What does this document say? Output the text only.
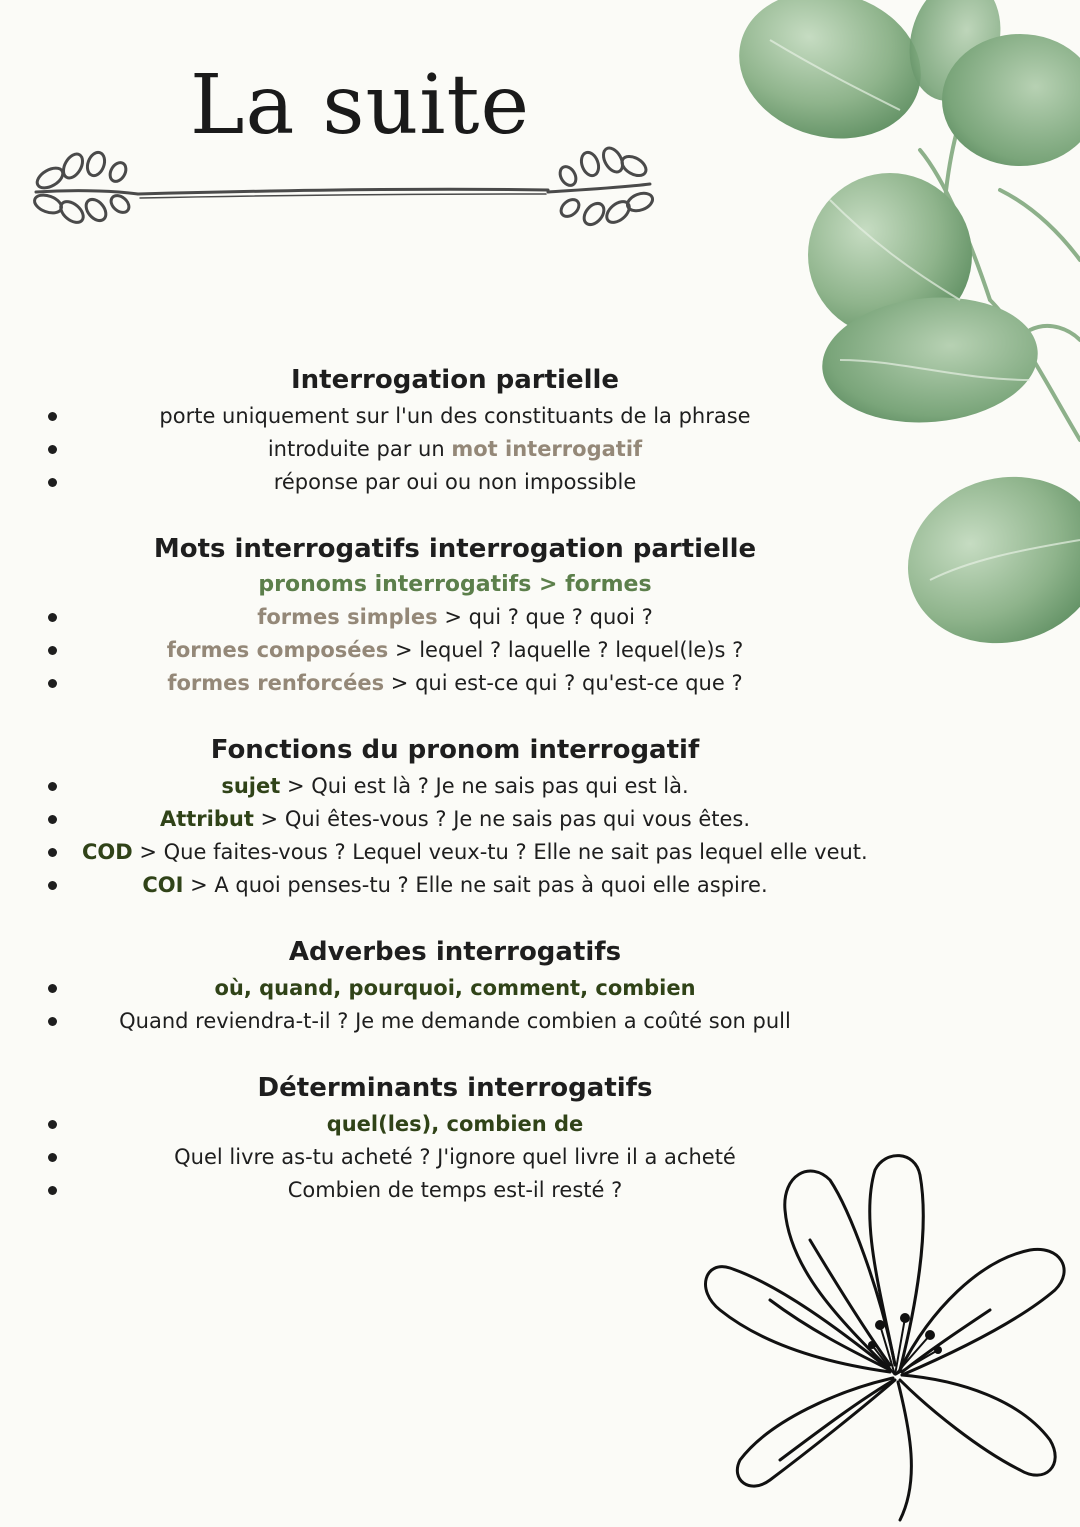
La suite
Interrogation partielle
porte uniquement sur l'un des constituants de la phrase
introduite par un mot interrogatif
réponse par oui ou non impossible
Mots interrogatifs interrogation partielle
pronoms interrogatifs > formes
formes simples > qui ? que ? quoi ?
formes composées > lequel ? laquelle ? lequel(le)s ?
formes renforcées > qui est-ce qui ? qu'est-ce que ?
Fonctions du pronom interrogatif
sujet > Qui est là ? Je ne sais pas qui est là.
Attribut > Qui êtes-vous ? Je ne sais pas qui vous êtes.
COD > Que faites-vous ? Lequel veux-tu ? Elle ne sait pas lequel elle veut.
COI > A quoi penses-tu ? Elle ne sait pas à quoi elle aspire.
Adverbes interrogatifs
où, quand, pourquoi, comment, combien
Quand reviendra-t-il ? Je me demande combien a coûté son pull
Déterminants interrogatifs
quel(les), combien de
Quel livre as-tu acheté ? J'ignore quel livre il a acheté
Combien de temps est-il resté ?
